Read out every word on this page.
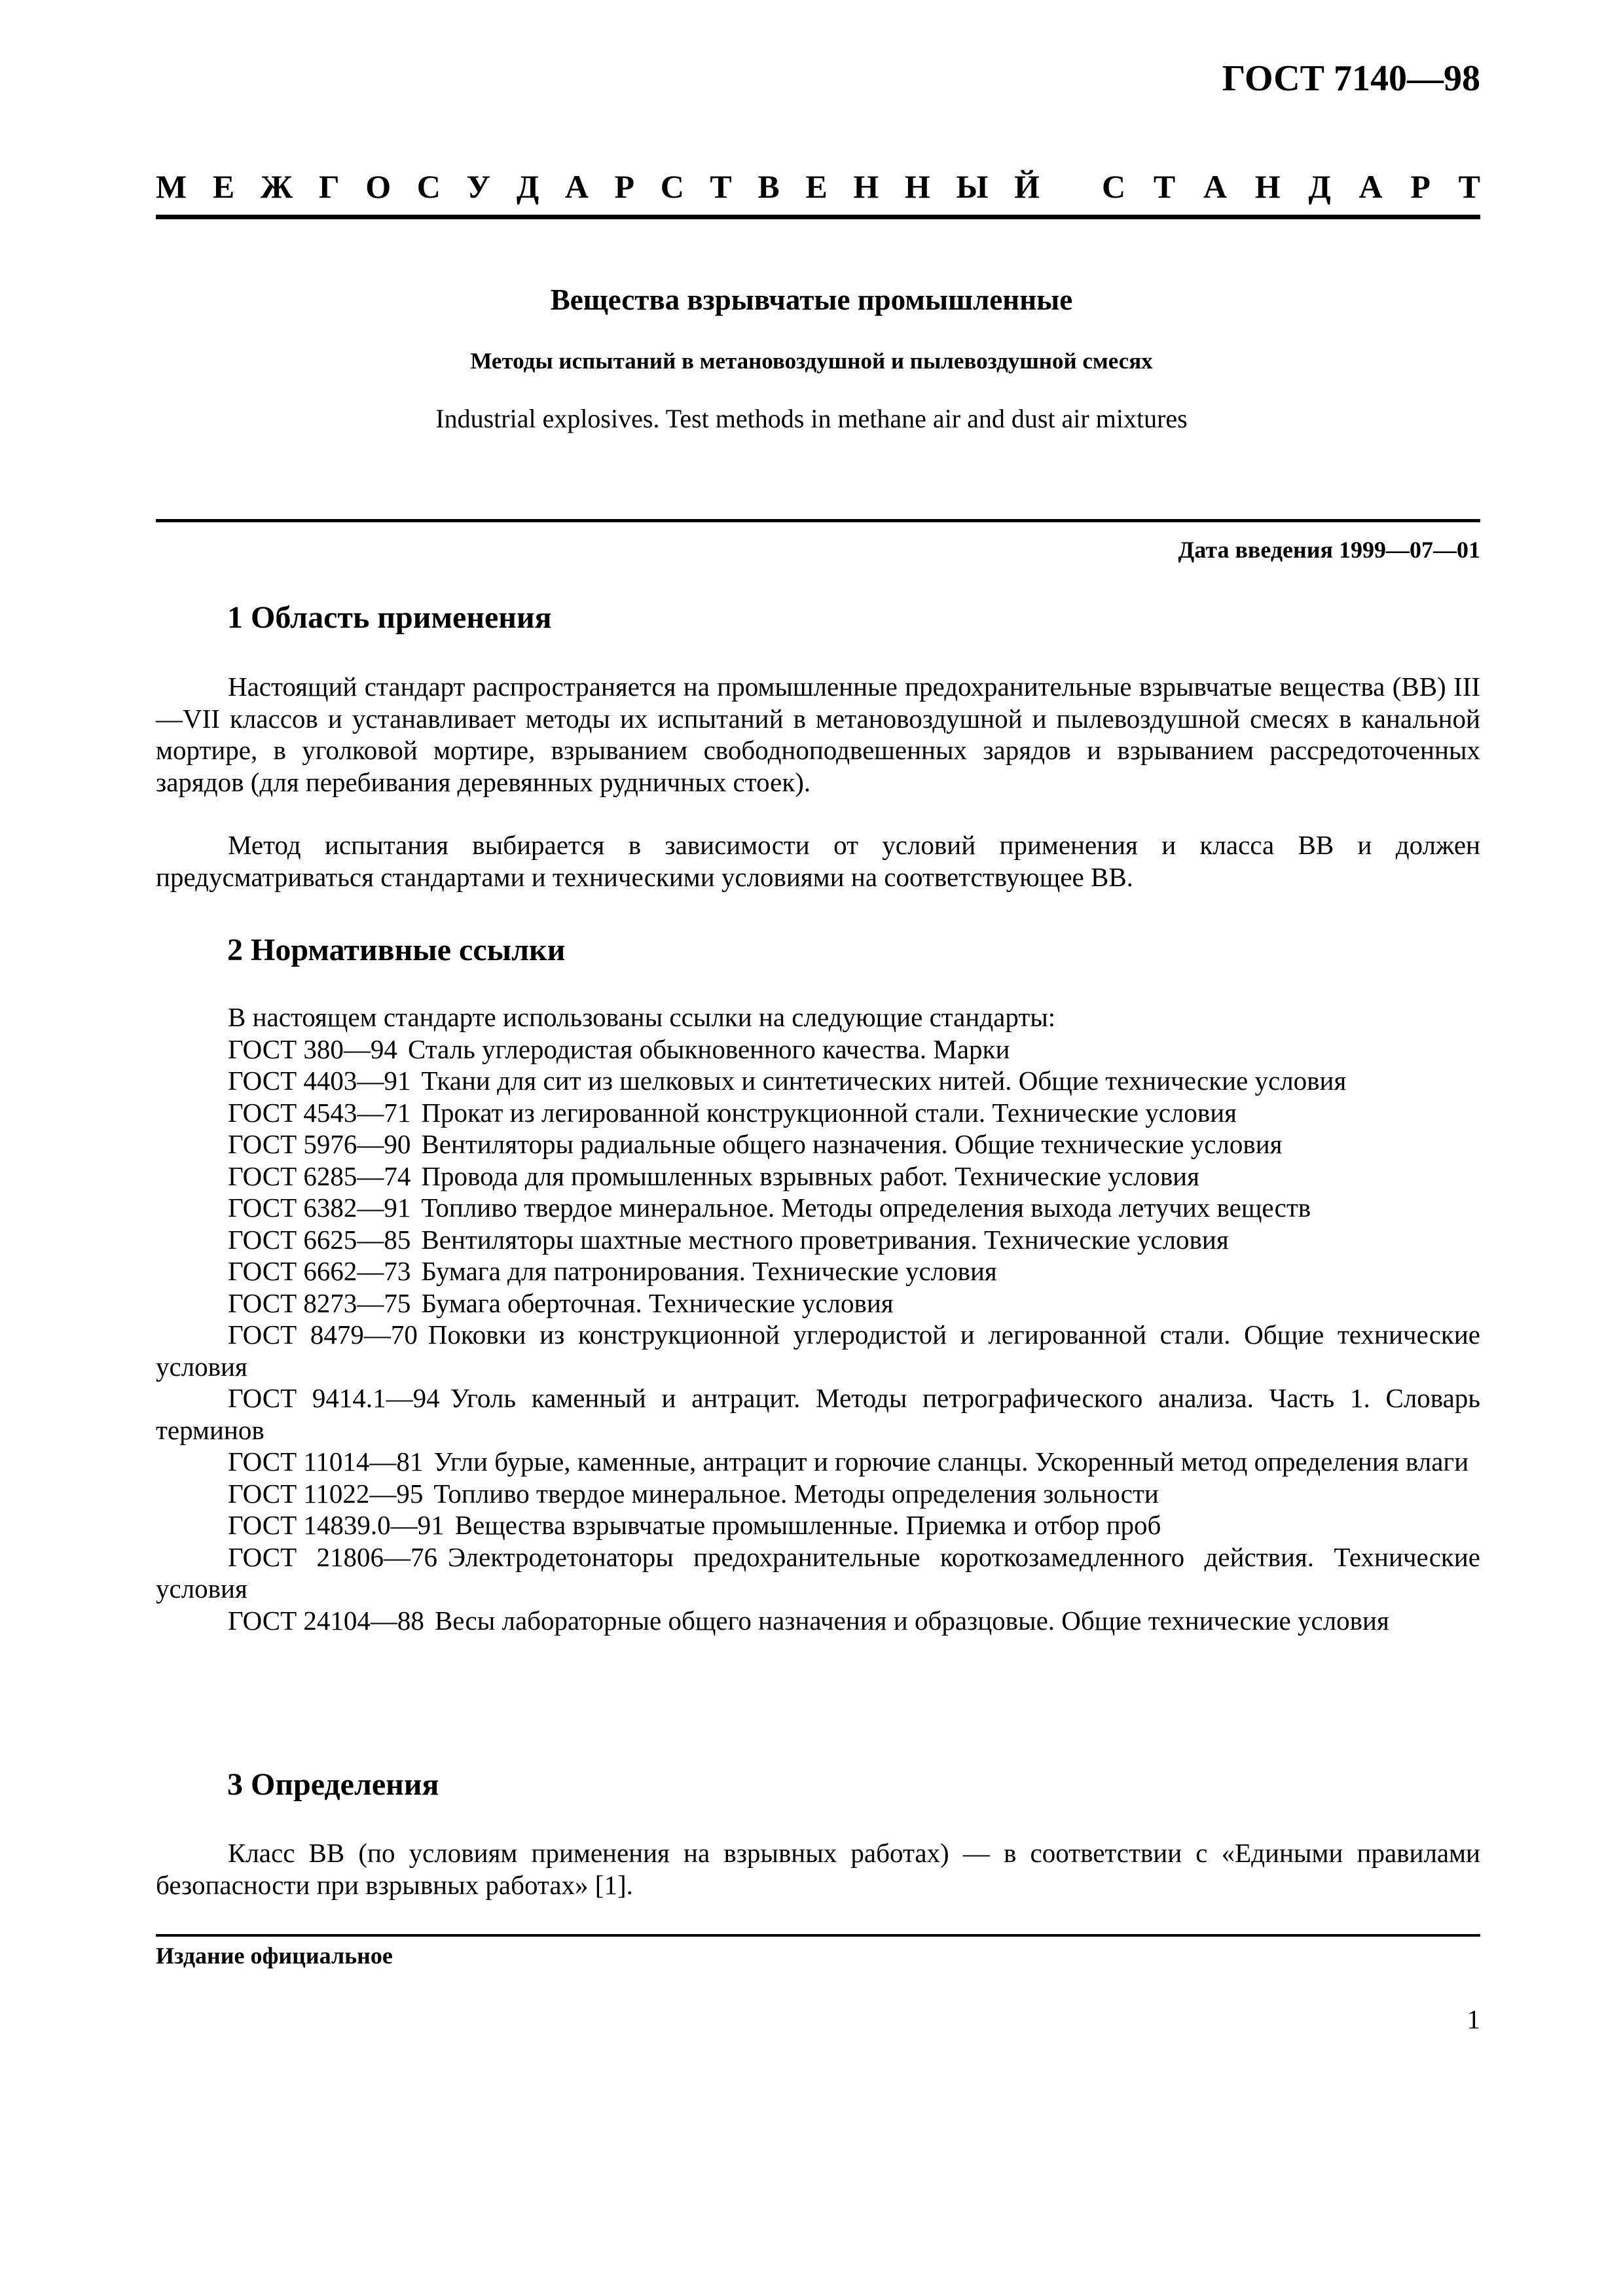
ГОСТ 7140—98
М Е Ж Г О С У Д А Р С Т В Е Н Н Ы Й С Т А Н Д А Р Т
Вещества взрывчатые промышленные
Методы испытаний в метановоздушной и пылевоздушной смесях
Industrial explosives. Test methods in methane air and dust air mixtures
Дата введения 1999—07—01
1 Область применения

Настоящий стандарт распространяется на промышленные предохранительные взрывчатые вещества (ВВ) III—VII классов и устанавливает методы их испытаний в метановоздушной и пылевоздушной смесях в канальной мортире, в уголковой мортире, взрыванием свободноподвешенных зарядов и взрыванием рассредоточенных зарядов (для перебивания деревянных рудничных стоек).

Метод испытания выбирается в зависимости от условий применения и класса ВВ и должен предусматриваться стандартами и техническими условиями на соответствующее ВВ.

2 Нормативные ссылки

В настоящем стандарте использованы ссылки на следующие стандарты:

ГОСТ 380—94 Сталь углеродистая обыкновенного качества. Марки

ГОСТ 4403—91 Ткани для сит из шелковых и синтетических нитей. Общие технические условия

ГОСТ 4543—71 Прокат из легированной конструкционной стали. Технические условия

ГОСТ 5976—90 Вентиляторы радиальные общего назначения. Общие технические условия

ГОСТ 6285—74 Провода для промышленных взрывных работ. Технические условия

ГОСТ 6382—91 Топливо твердое минеральное. Методы определения выхода летучих веществ

ГОСТ 6625—85 Вентиляторы шахтные местного проветривания. Технические условия

ГОСТ 6662—73 Бумага для патронирования. Технические условия

ГОСТ 8273—75 Бумага оберточная. Технические условия

ГОСТ 8479—70 Поковки из конструкционной углеродистой и легированной стали. Общие технические условия

ГОСТ 9414.1—94 Уголь каменный и антрацит. Методы петрографического анализа. Часть 1. Словарь терминов

ГОСТ 11014—81 Угли бурые, каменные, антрацит и горючие сланцы. Ускоренный метод определения влаги

ГОСТ 11022—95 Топливо твердое минеральное. Методы определения зольности

ГОСТ 14839.0—91 Вещества взрывчатые промышленные. Приемка и отбор проб

ГОСТ 21806—76 Электродетонаторы предохранительные короткозамедленного действия. Технические условия

ГОСТ 24104—88 Весы лабораторные общего назначения и образцовые. Общие технические условия

3 Определения

Класс ВВ (по условиям применения на взрывных работах) — в соответствии с «Едиными правилами безопасности при взрывных работах» [1].

Издание официальное
1
